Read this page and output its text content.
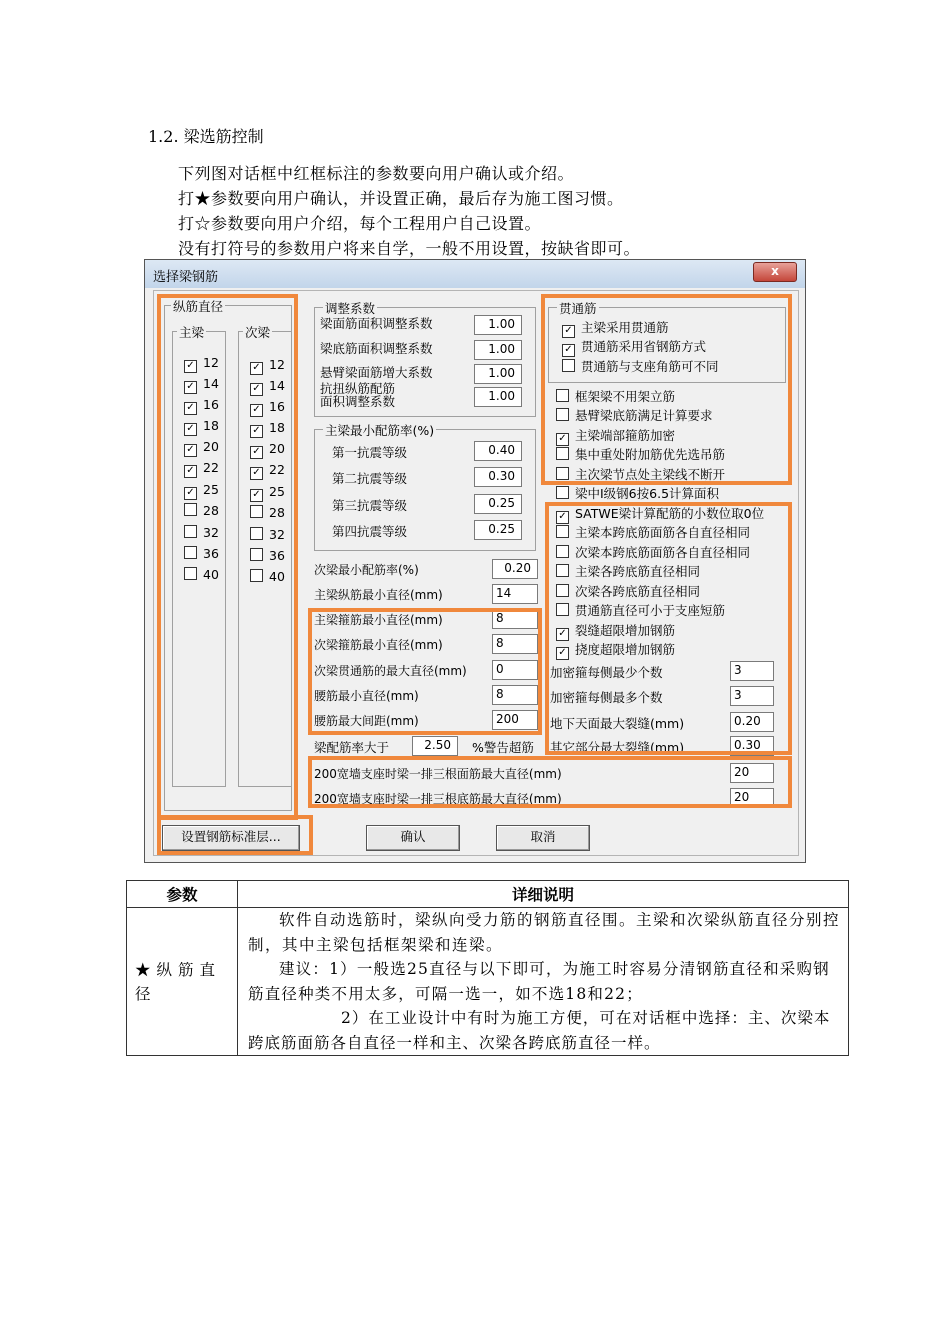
1.2. 梁选筋控制
下列图对话框中红框标注的参数要向用户确认或介绍。
打★参数要向用户确认，并设置正确，最后存为施工图习惯。
打☆参数要向用户介绍，每个工程用户自己设置。
没有打符号的参数用户将来自学，一般不用设置，按缺省即可。
选择梁钢筋	x
纵筋直径
主梁	次梁
✓ 12	✓ 12
✓ 14	✓ 14
✓ 16	✓ 16
✓ 18	✓ 18
✓ 20	✓ 20
✓ 22	✓ 22
✓ 25	✓ 25
28	28
32	32
36	36
40	40
调整系数
梁面筋面积调整系数	1.00
梁底筋面积调整系数	1.00
悬臂梁面筋增大系数	1.00
抗扭纵筋配筋
面积调整系数	1.00
主梁最小配筋率(%)
第一抗震等级	0.40
第二抗震等级	0.30
第三抗震等级	0.25
第四抗震等级	0.25
次梁最小配筋率(%)	0.20
主梁纵筋最小直径(mm)	14
主梁箍筋最小直径(mm)	8
次梁箍筋最小直径(mm)	8
次梁贯通筋的最大直径(mm)	0
腰筋最小直径(mm)	8
腰筋最大间距(mm)	200
梁配筋率大于	2.50	%警告超筋
贯通筋
✓ 主梁采用贯通筋
✓ 贯通筋采用省钢筋方式
贯通筋与支座角筋可不同
框架梁不用架立筋
悬臂梁底筋满足计算要求
✓ 主梁端部箍筋加密
集中重处附加筋优先选吊筋
主次梁节点处主梁线不断开
梁中I级钢6按6.5计算面积
✓ SATWE梁计算配筋的小数位取0位
主梁本跨底筋面筋各自直径相同
次梁本跨底筋面筋各自直径相同
主梁各跨底筋直径相同
次梁各跨底筋直径相同
贯通筋直径可小于支座短筋
✓ 裂缝超限增加钢筋
✓ 挠度超限增加钢筋
加密箍每侧最少个数	3
加密箍每侧最多个数	3
地下天面最大裂缝(mm)	0.20
其它部分最大裂缝(mm)	0.30
200宽墙支座时梁一排三根面筋最大直径(mm)	20
200宽墙支座时梁一排三根底筋最大直径(mm)	20
设置钢筋标准层...	确认	取消
参数	详细说明
★纵筋直径	软件自动选筋时，梁纵向受力筋的钢筋直径围。主梁和次梁纵筋直径分别控制，其中主梁包括框架梁和连梁。

建议：1）一般选25直径与以下即可，为施工时容易分清钢筋直径和采购钢筋直径种类不用太多，可隔一选一，如不选18和22；

2）在工业设计中有时为施工方便，可在对话框中选择：主、次梁本跨底筋面筋各自直径一样和主、次梁各跨底筋直径一样。
